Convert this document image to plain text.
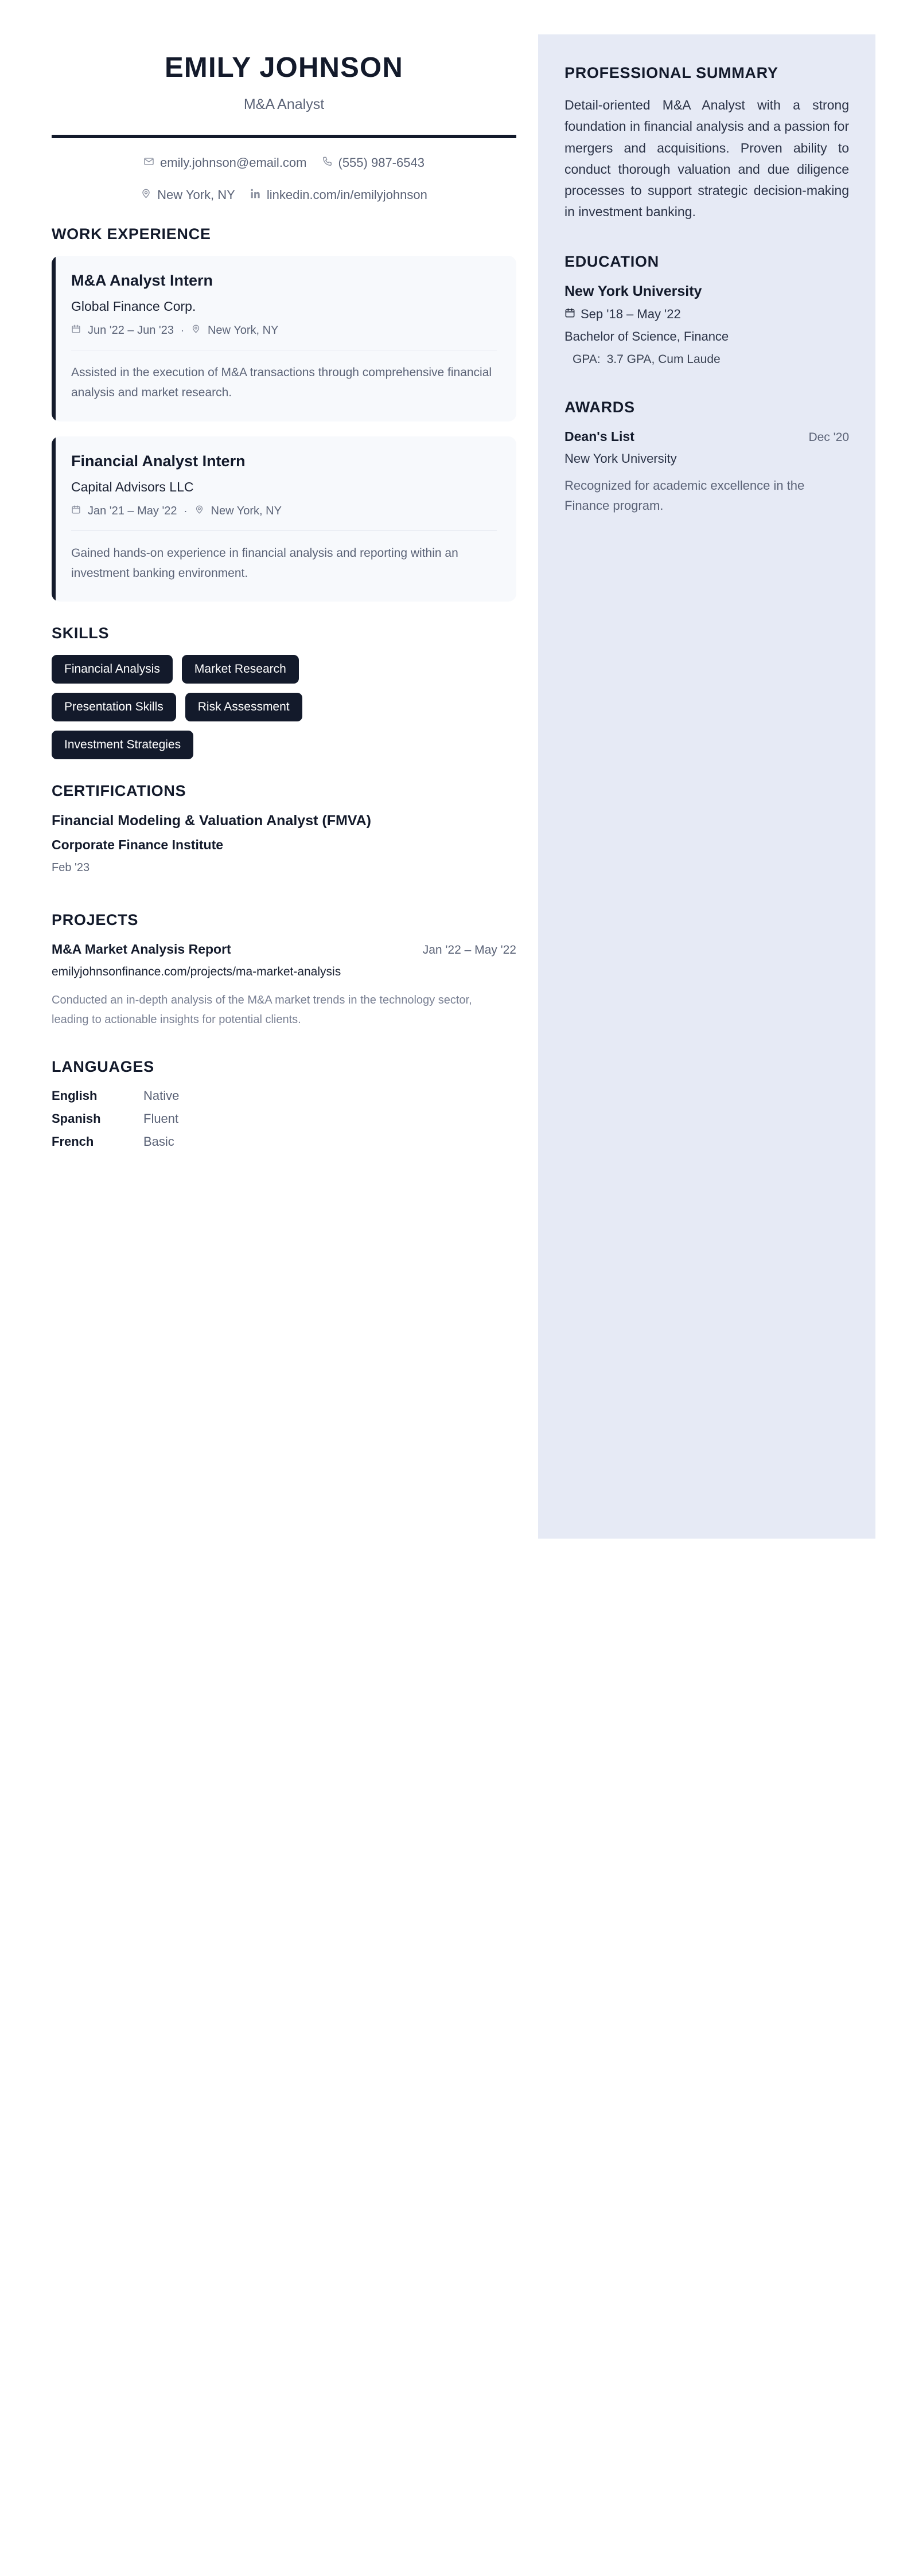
PROFESSIONAL SUMMARY
Detail-oriented M&A Analyst with a strong foundation in financial analysis and a passion for mergers and acquisitions. Proven ability to conduct thorough valuation and due diligence processes to support strategic decision-making in investment banking.
EDUCATION
New York University
Sep '18 – May '22
Bachelor of Science, Finance
GPA: 3.7 GPA, Cum Laude
AWARDS
Dean's List	Dec '20
New York University
Recognized for academic excellence in the Finance program.
EMILY JOHNSON
M&A Analyst
emily.johnson@email.com	(555) 987-6543
New York, NY	linkedin.com/in/emilyjohnson
WORK EXPERIENCE
M&A Analyst Intern
Global Finance Corp.
Jun '22 – Jun '23 · New York, NY
Assisted in the execution of M&A transactions through comprehensive financial analysis and market research.
Financial Analyst Intern
Capital Advisors LLC
Jan '21 – May '22 · New York, NY
Gained hands-on experience in financial analysis and reporting within an investment banking environment.
SKILLS
Financial Analysis	Market Research
Presentation Skills	Risk Assessment
Investment Strategies
CERTIFICATIONS
Financial Modeling & Valuation Analyst (FMVA)
Corporate Finance Institute
Feb '23
PROJECTS
M&A Market Analysis Report	Jan '22 – May '22
emilyjohnsonfinance.com/projects/ma-market-analysis
Conducted an in-depth analysis of the M&A market trends in the technology sector, leading to actionable insights for potential clients.
LANGUAGES
English	Native
Spanish	Fluent
French	Basic
